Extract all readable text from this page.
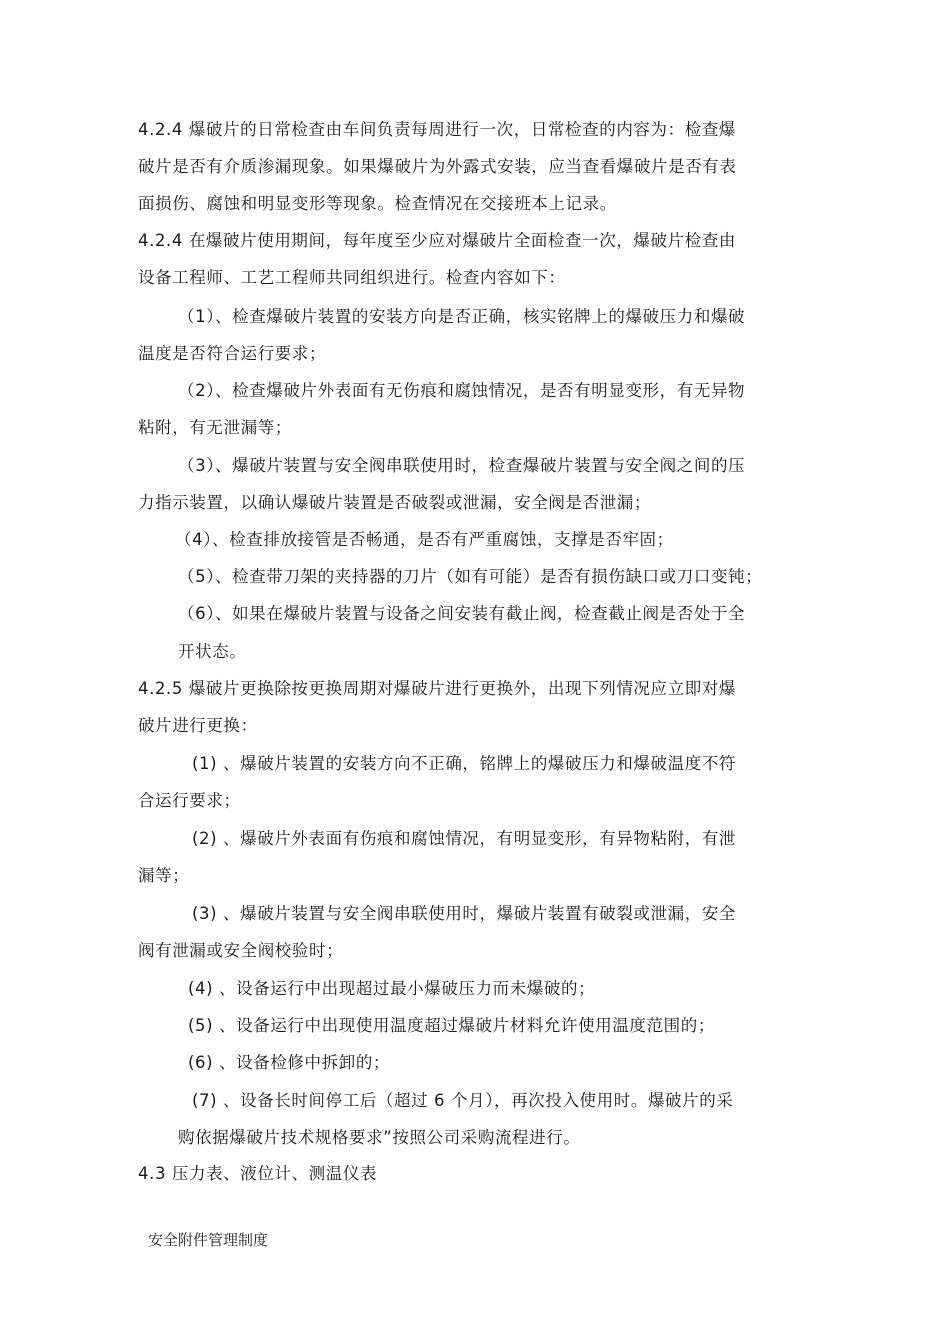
4.2.4 爆破片的日常检查由车间负责每周进行一次，日常检查的内容为：检查爆
破片是否有介质渗漏现象。如果爆破片为外露式安装，应当查看爆破片是否有表
面损伤、腐蚀和明显变形等现象。检查情况在交接班本上记录。
4.2.4 在爆破片使用期间，每年度至少应对爆破片全面检查一次，爆破片检查由
设备工程师、工艺工程师共同组织进行。检查内容如下：
（1）、检查爆破片装置的安装方向是否正确，核实铭牌上的爆破压力和爆破
温度是否符合运行要求；
（2）、检查爆破片外表面有无伤痕和腐蚀情况，是否有明显变形，有无异物
粘附，有无泄漏等；
（3）、爆破片装置与安全阀串联使用时，检查爆破片装置与安全阀之间的压
力指示装置，以确认爆破片装置是否破裂或泄漏，安全阀是否泄漏；
（4）、检查排放接管是否畅通，是否有严重腐蚀，支撑是否牢固；
（5）、检查带刀架的夹持器的刀片（如有可能）是否有损伤缺口或刀口变钝；
（6）、如果在爆破片装置与设备之间安装有截止阀，检查截止阀是否处于全
开状态。
4.2.5 爆破片更换除按更换周期对爆破片进行更换外，出现下列情况应立即对爆
破片进行更换：
(1) 、爆破片装置的安装方向不正确，铭牌上的爆破压力和爆破温度不符
合运行要求；
(2) 、爆破片外表面有伤痕和腐蚀情况，有明显变形，有异物粘附，有泄
漏等；
(3) 、爆破片装置与安全阀串联使用时，爆破片装置有破裂或泄漏，安全
阀有泄漏或安全阀校验时；
(4) 、设备运行中出现超过最小爆破压力而未爆破的；
(5) 、设备运行中出现使用温度超过爆破片材料允许使用温度范围的；
(6) 、设备检修中拆卸的；
(7) 、设备长时间停工后（超过 6 个月），再次投入使用时。爆破片的采
购依据爆破片技术规格要求”按照公司采购流程进行。
4.3 压力表、液位计、测温仪表
安全附件管理制度
